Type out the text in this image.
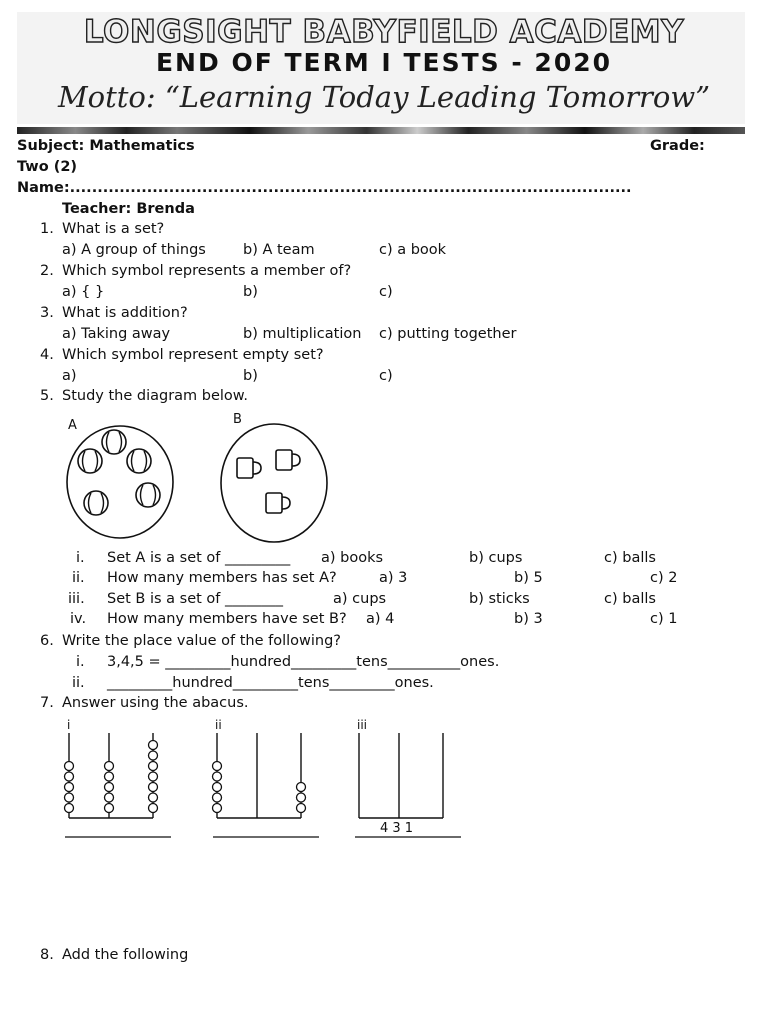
LONGSIGHT BABYFIELD ACADEMY
END OF TERM I TESTS - 2020
Motto: “Learning Today Leading Tomorrow”
Subject: Mathematics	Grade:
Two (2)
Name:......................................................................................................
Teacher: Brenda
1. What is a set?
a) A group of things	b) A team	c) a book
2. Which symbol represents a member of?
a) { }	b)	c)
3. What is addition?
a) Taking away	b) multiplication c) putting together
4. Which symbol represent empty set?
a)	b)	c)
5. Study the diagram below.
A	B
i. Set A is a set of _________ a) books	b) cups	c) balls
ii. How many members has set A?	a) 3	b) 5	c) 2
iii. Set B is a set of ________	a) cups	b) sticks	c) balls
iv. How many members have set B? a) 4	b) 3	c) 1
6. Write the place value of the following?
i. 3,4,5 = _________hundred_________tens__________ones.
ii. _________hundred_________tens_________ones.
7. Answer using the abacus.
i	ii	iii
4 3 1
8. Add the following
